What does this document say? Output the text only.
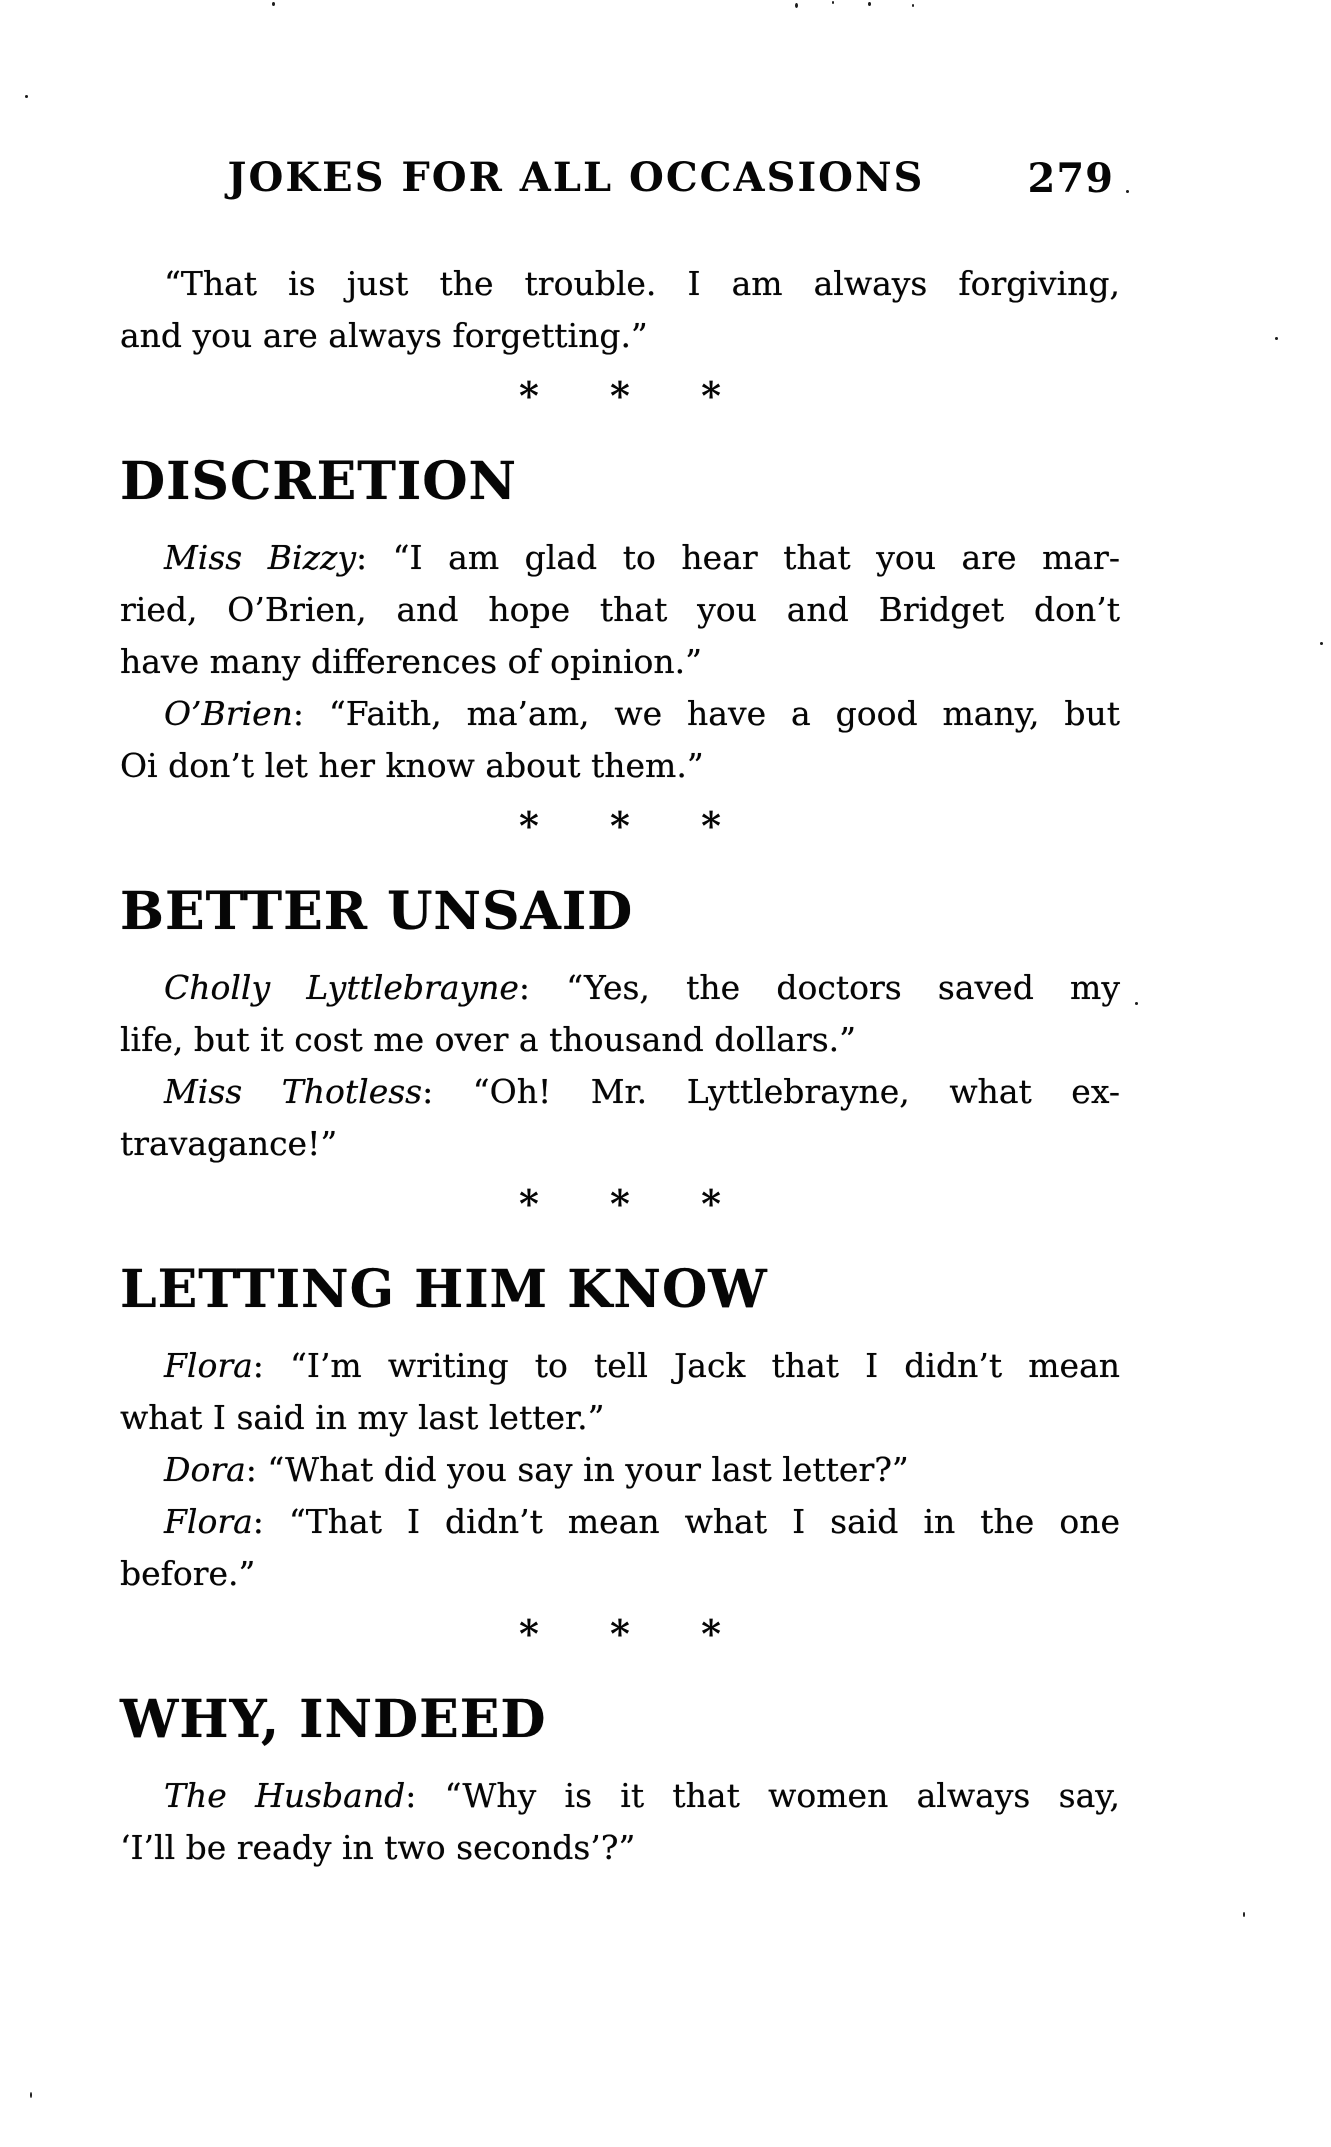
JOKES FOR ALL OCCASIONS	279
“That is just the trouble. I am always forgiving,
and you are always forgetting.”
* * *
DISCRETION
Miss Bizzy: “I am glad to hear that you are mar-
ried, O’Brien, and hope that you and Bridget don’t
have many differences of opinion.”
O’Brien: “Faith, ma’am, we have a good many, but
Oi don’t let her know about them.”
* * *
BETTER UNSAID
Cholly Lyttlebrayne: “Yes, the doctors saved my
life, but it cost me over a thousand dollars.”
Miss Thotless: “Oh! Mr. Lyttlebrayne, what ex-
travagance!”
* * *
LETTING HIM KNOW
Flora: “I’m writing to tell Jack that I didn’t mean
what I said in my last letter.”
Dora: “What did you say in your last letter?”
Flora: “That I didn’t mean what I said in the one
before.”
* * *
WHY, INDEED
The Husband: “Why is it that women always say,
‘I’ll be ready in two seconds’?”
